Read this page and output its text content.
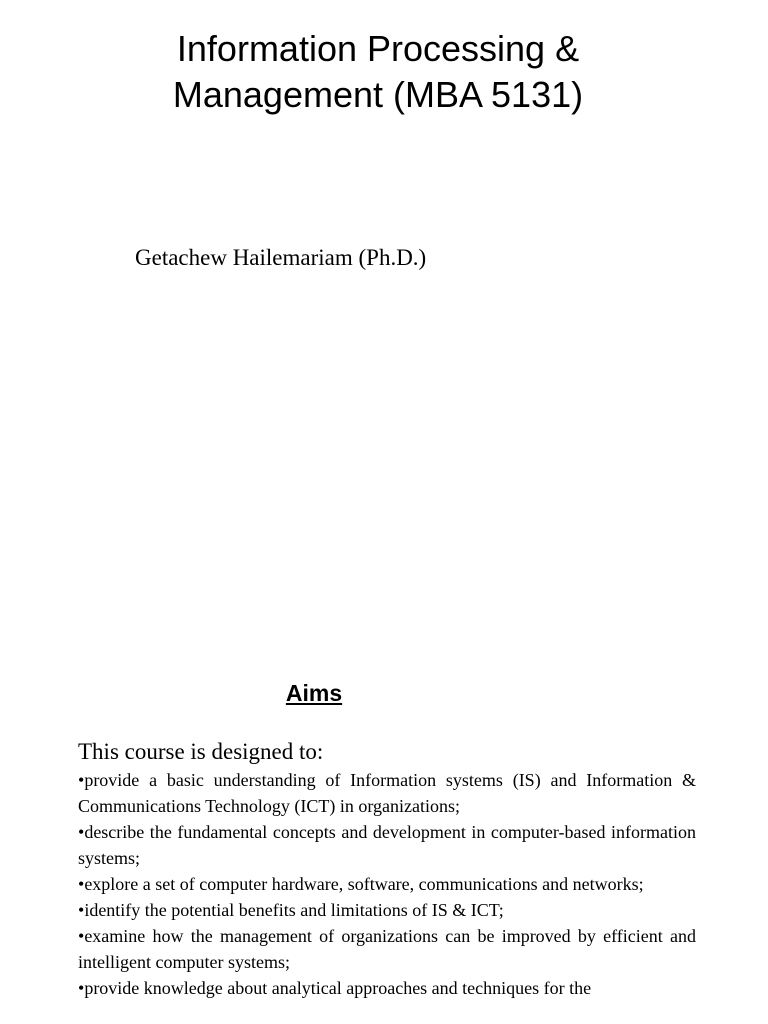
Information Processing &
Management (MBA 5131)

Getachew Hailemariam (Ph.D.)

Aims

This course is designed to:

•provide a basic understanding of Information systems (IS) and Information & Communications Technology (ICT) in organizations;
•describe the fundamental concepts and development in computer-based information systems;
•explore a set of computer hardware, software, communications and networks;
•identify the potential benefits and limitations of IS & ICT;
•examine how the management of organizations can be improved by efficient and intelligent computer systems;
•provide knowledge about analytical approaches and techniques for the
